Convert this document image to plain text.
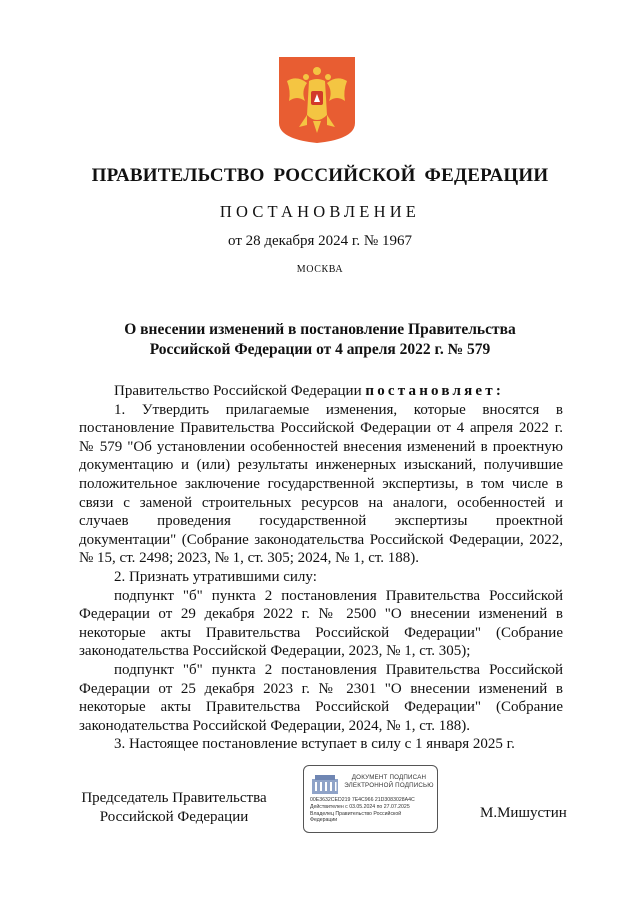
ПРАВИТЕЛЬСТВО РОССИЙСКОЙ ФЕДЕРАЦИИ
ПОСТАНОВЛЕНИЕ
от 28 декабря 2024 г. № 1967
МОСКВА
О внесении изменений в постановление Правительства
Российской Федерации от 4 апреля 2022 г. № 579

Правительство Российской Федерации постановляет:

1. Утвердить прилагаемые изменения, которые вносятся в постановление Правительства Российской Федерации от 4 апреля 2022 г. № 579 "Об установлении особенностей внесения изменений в проектную документацию и (или) результаты инженерных изысканий, получившие положительное заключение государственной экспертизы, в том числе в связи с заменой строительных ресурсов на аналоги, особенностей и случаев проведения государственной экспертизы проектной документации" (Собрание законодательства Российской Федерации, 2022, № 15, ст. 2498; 2023, № 1, ст. 305; 2024, № 1, ст. 188).

2. Признать утратившими силу:

подпункт "б" пункта 2 постановления Правительства Российской Федерации от 29 декабря 2022 г. № 2500 "О внесении изменений в некоторые акты Правительства Российской Федерации" (Собрание законодательства Российской Федерации, 2023, № 1, ст. 305);

подпункт "б" пункта 2 постановления Правительства Российской Федерации от 25 декабря 2023 г. № 2301 "О внесении изменений в некоторые акты Правительства Российской Федерации" (Собрание законодательства Российской Федерации, 2024, № 1, ст. 188).

3. Настоящее постановление вступает в силу с 1 января 2025 г.

Председатель Правительства
Российской Федерации
ДОКУМЕНТ ПОДПИСАН
ЭЛЕКТРОННОЙ ПОДПИСЬЮ
00E3632CED219 7E4C966 21D3083028A4C
Действителен с 03.05.2024 по 27.07.2025
Владелец Правительство Российской
Федерации	М.Мишустин
